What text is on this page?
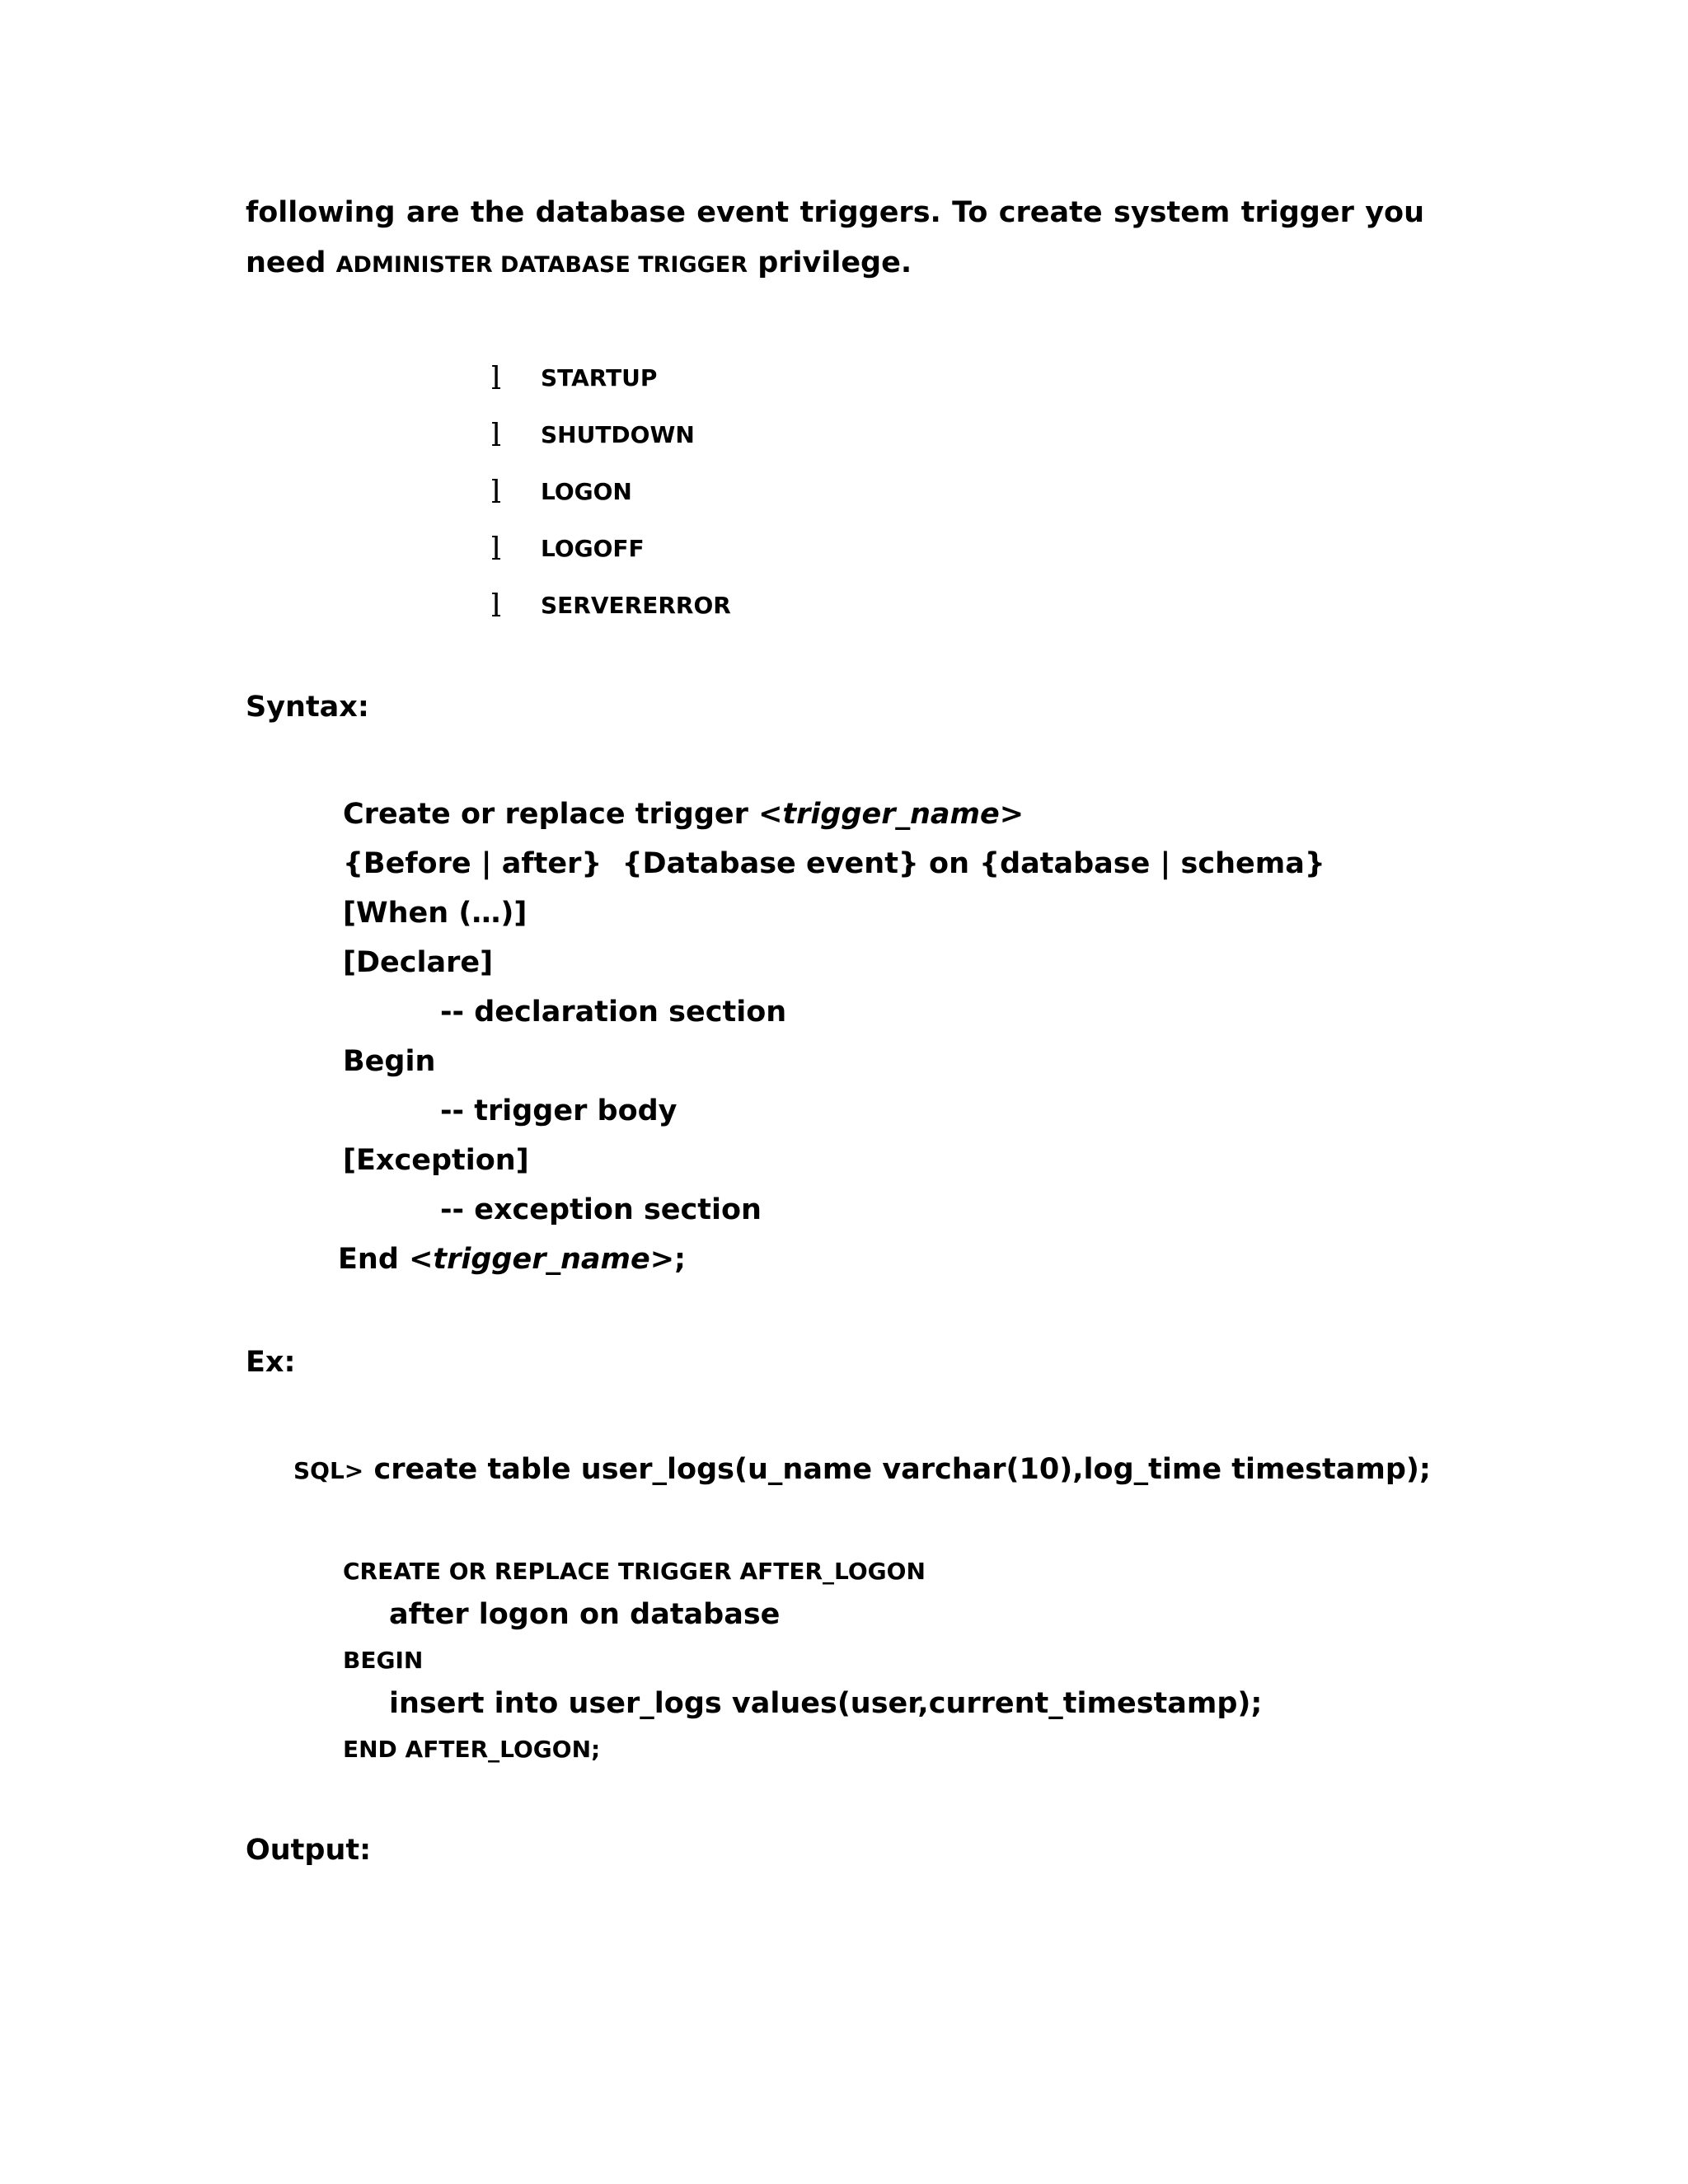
following are the database event triggers. To create system trigger you need ADMINISTER DATABASE TRIGGER privilege.
l	STARTUP
l	SHUTDOWN
l	LOGON
l	LOGOFF
l	SERVERERROR
Syntax:
Create or replace trigger <trigger_name>
{Before | after}  {Database event} on {database | schema}
[When (…)]
[Declare]
-- declaration section
Begin
-- trigger body
[Exception]
-- exception section
End <trigger_name>;
Ex:
SQL> create table user_logs(u_name varchar(10),log_time timestamp);
CREATE OR REPLACE TRIGGER AFTER_LOGON
after logon on database
BEGIN
insert into user_logs values(user,current_timestamp);
END AFTER_LOGON;
Output:
